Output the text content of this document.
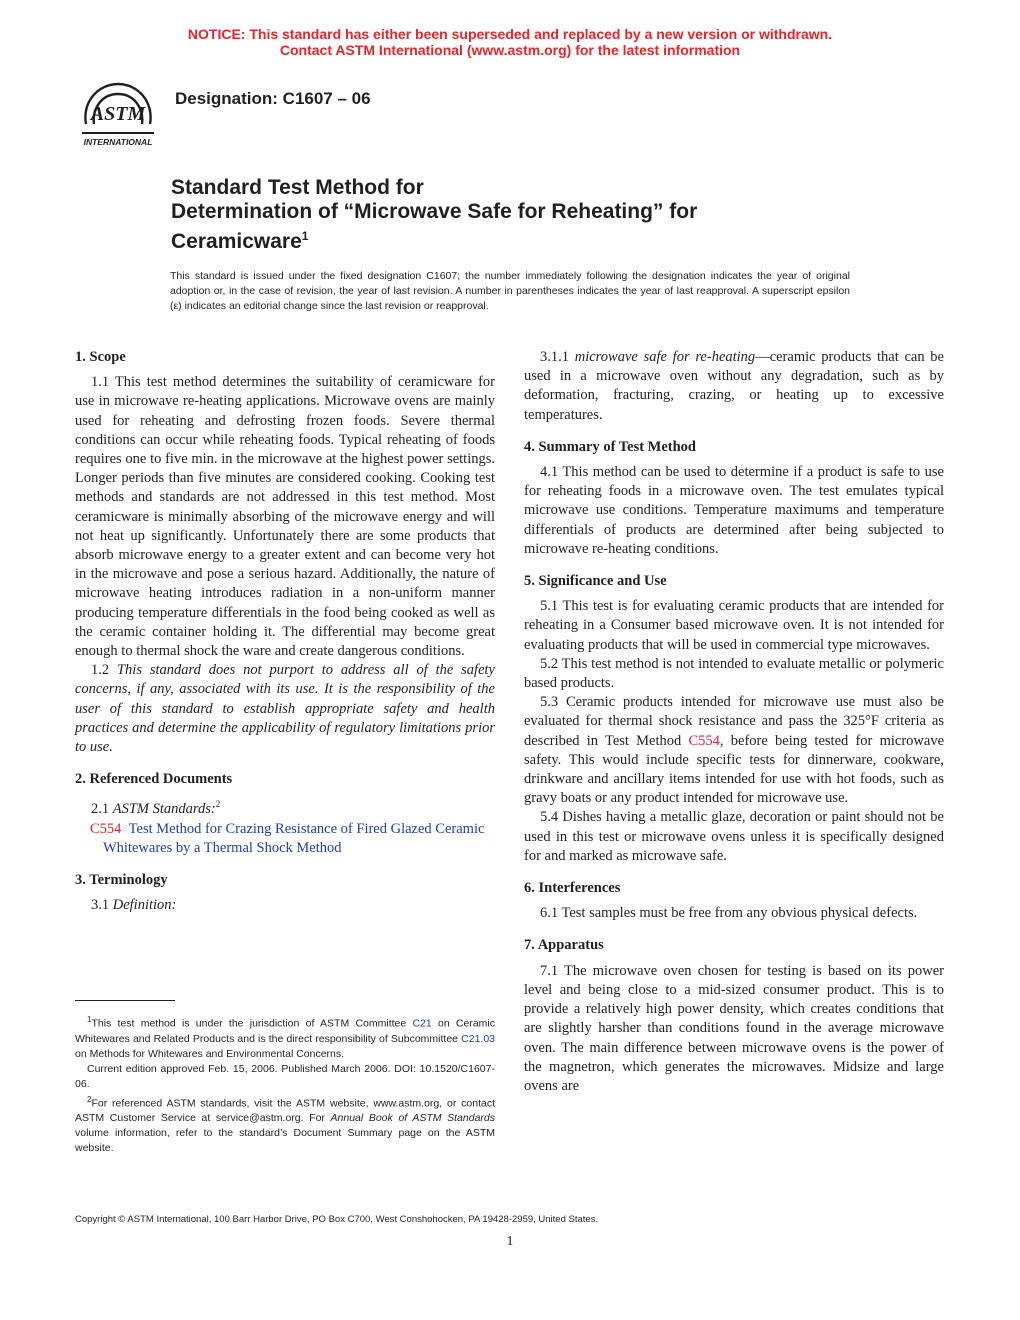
NOTICE: This standard has either been superseded and replaced by a new version or withdrawn.
Contact ASTM International (www.astm.org) for the latest information
ASTM
INTERNATIONAL
Designation: C1607 – 06
Standard Test Method for
Determination of “Microwave Safe for Reheating” for
Ceramicware$^1$
This standard is issued under the fixed designation C1607; the number immediately following the designation indicates the year of original adoption or, in the case of revision, the year of last revision. A number in parentheses indicates the year of last reapproval. A superscript epsilon (ε) indicates an editorial change since the last revision or reapproval.
1. Scope

1.1 This test method determines the suitability of ceramicware for use in microwave re-heating applications. Microwave ovens are mainly used for reheating and defrosting frozen foods. Severe thermal conditions can occur while reheating foods. Typical reheating of foods requires one to five min. in the microwave at the highest power settings. Longer periods than five minutes are considered cooking. Cooking test methods and standards are not addressed in this test method. Most ceramicware is minimally absorbing of the microwave energy and will not heat up significantly. Unfortunately there are some products that absorb microwave energy to a greater extent and can become very hot in the microwave and pose a serious hazard. Additionally, the nature of microwave heating introduces radiation in a non-uniform manner producing temperature differentials in the food being cooked as well as the ceramic container holding it. The differential may become great enough to thermal shock the ware and create dangerous conditions.

1.2 This standard does not purport to address all of the safety concerns, if any, associated with its use. It is the responsibility of the user of this standard to establish appropriate safety and health practices and determine the applicability of regulatory limitations prior to use.

2. Referenced Documents

2.1 ASTM Standards:$^2$

C554 Test Method for Crazing Resistance of Fired Glazed Ceramic Whitewares by a Thermal Shock Method

3. Terminology

3.1 Definition:

$^1$This test method is under the jurisdiction of ASTM Committee C21 on Ceramic Whitewares and Related Products and is the direct responsibility of Subcommittee C21.03 on Methods for Whitewares and Environmental Concerns.

Current edition approved Feb. 15, 2006. Published March 2006. DOI: 10.1520/C1607-06.

$^2$For referenced ASTM standards, visit the ASTM website, www.astm.org, or contact ASTM Customer Service at service@astm.org. For Annual Book of ASTM Standards volume information, refer to the standard’s Document Summary page on the ASTM website.

3.1.1 microwave safe for re-heating—ceramic products that can be used in a microwave oven without any degradation, such as by deformation, fracturing, crazing, or heating up to excessive temperatures.

4. Summary of Test Method

4.1 This method can be used to determine if a product is safe to use for reheating foods in a microwave oven. The test emulates typical microwave use conditions. Temperature maximums and temperature differentials of products are determined after being subjected to microwave re-heating conditions.

5. Significance and Use

5.1 This test is for evaluating ceramic products that are intended for reheating in a Consumer based microwave oven. It is not intended for evaluating products that will be used in commercial type microwaves.

5.2 This test method is not intended to evaluate metallic or polymeric based products.

5.3 Ceramic products intended for microwave use must also be evaluated for thermal shock resistance and pass the 325°F criteria as described in Test Method C554, before being tested for microwave safety. This would include specific tests for dinnerware, cookware, drinkware and ancillary items intended for use with hot foods, such as gravy boats or any product intended for microwave use.

5.4 Dishes having a metallic glaze, decoration or paint should not be used in this test or microwave ovens unless it is specifically designed for and marked as microwave safe.

6. Interferences

6.1 Test samples must be free from any obvious physical defects.

7. Apparatus

7.1 The microwave oven chosen for testing is based on its power level and being close to a mid-sized consumer product. This is to provide a relatively high power density, which creates conditions that are slightly harsher than conditions found in the average microwave oven. The main difference between microwave ovens is the power of the magnetron, which generates the microwaves. Midsize and large ovens are

Copyright © ASTM International, 100 Barr Harbor Drive, PO Box C700, West Conshohocken, PA 19428-2959, United States.
1
